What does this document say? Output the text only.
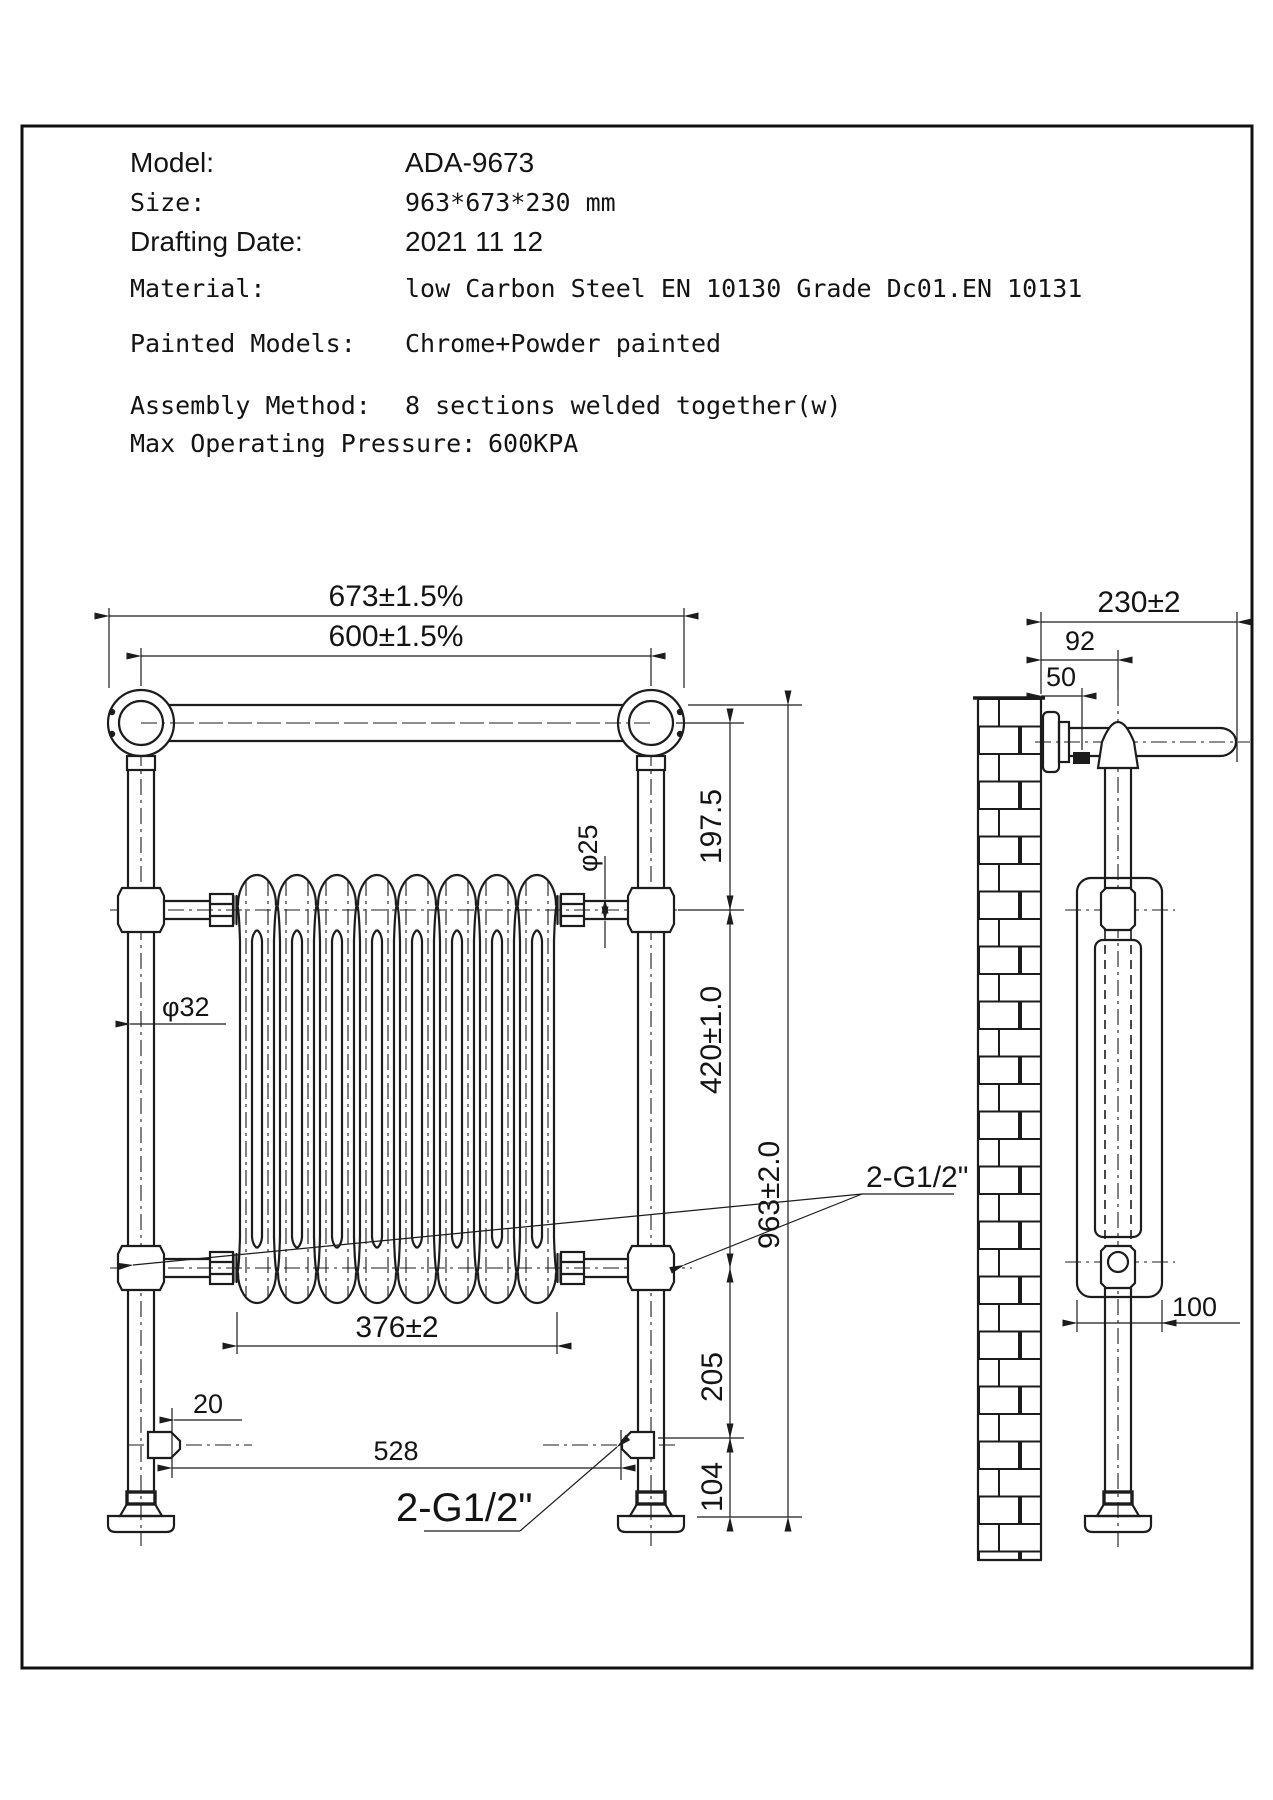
Model:	ADA-9673
Size:	963*673*230 mm
Drafting Date:	2021 11 12
Material:	low Carbon Steel EN 10130 Grade Dc01.EN 10131
Painted Models: Chrome+Powder painted
Assembly Method: 8 sections welded together(w)
Max Operating Pressure: 600KPA
673±1.5%
600±1.5%
197.5
420±1.0
963±2.0
205
104
376±2
20
528
φ32
φ25
2-G1/2"
2-G1/2"
230±2
92
50
100
